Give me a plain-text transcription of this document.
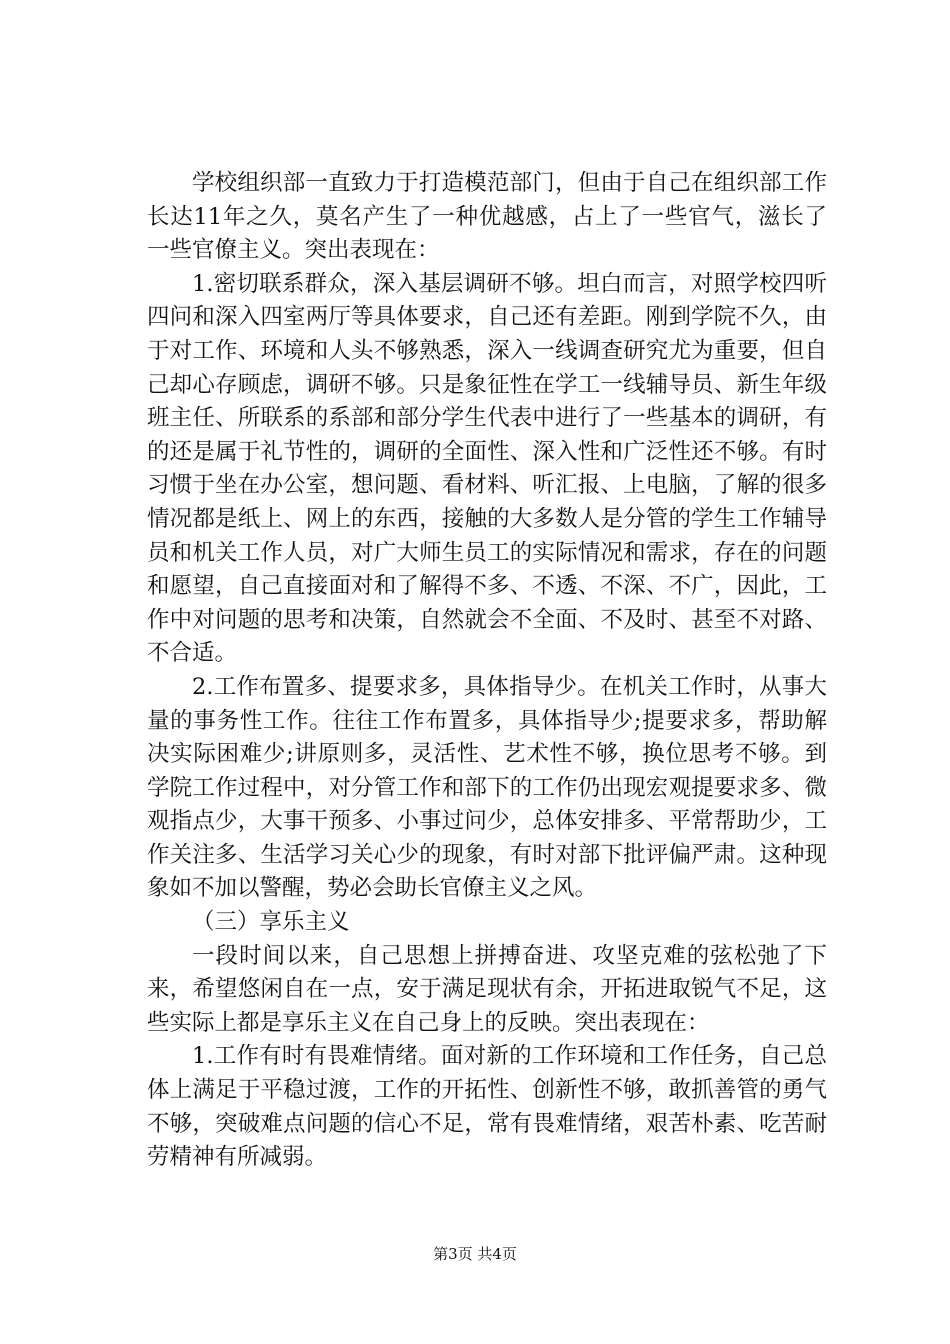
学校组织部一直致力于打造模范部门，但由于自己在组织部工作长达11年之久，莫名产生了一种优越感，占上了一些官气，滋长了一些官僚主义。突出表现在：

1.密切联系群众，深入基层调研不够。坦白而言，对照学校四听四问和深入四室两厅等具体要求，自己还有差距。刚到学院不久，由于对工作、环境和人头不够熟悉，深入一线调查研究尤为重要，但自己却心存顾虑，调研不够。只是象征性在学工一线辅导员、新生年级班主任、所联系的系部和部分学生代表中进行了一些基本的调研，有的还是属于礼节性的，调研的全面性、深入性和广泛性还不够。有时习惯于坐在办公室，想问题、看材料、听汇报、上电脑，了解的很多情况都是纸上、网上的东西，接触的大多数人是分管的学生工作辅导员和机关工作人员，对广大师生员工的实际情况和需求，存在的问题和愿望，自己直接面对和了解得不多、不透、不深、不广，因此，工作中对问题的思考和决策，自然就会不全面、不及时、甚至不对路、不合适。

2.工作布置多、提要求多，具体指导少。在机关工作时，从事大量的事务性工作。往往工作布置多，具体指导少;提要求多，帮助解决实际困难少;讲原则多，灵活性、艺术性不够，换位思考不够。到学院工作过程中，对分管工作和部下的工作仍出现宏观提要求多、微观指点少，大事干预多、小事过问少，总体安排多、平常帮助少，工作关注多、生活学习关心少的现象，有时对部下批评偏严肃。这种现象如不加以警醒，势必会助长官僚主义之风。

（三）享乐主义

一段时间以来，自己思想上拼搏奋进、攻坚克难的弦松弛了下来，希望悠闲自在一点，安于满足现状有余，开拓进取锐气不足，这些实际上都是享乐主义在自己身上的反映。突出表现在：

1.工作有时有畏难情绪。面对新的工作环境和工作任务，自己总体上满足于平稳过渡，工作的开拓性、创新性不够，敢抓善管的勇气不够，突破难点问题的信心不足，常有畏难情绪，艰苦朴素、吃苦耐劳精神有所减弱。

第3页 共4页
